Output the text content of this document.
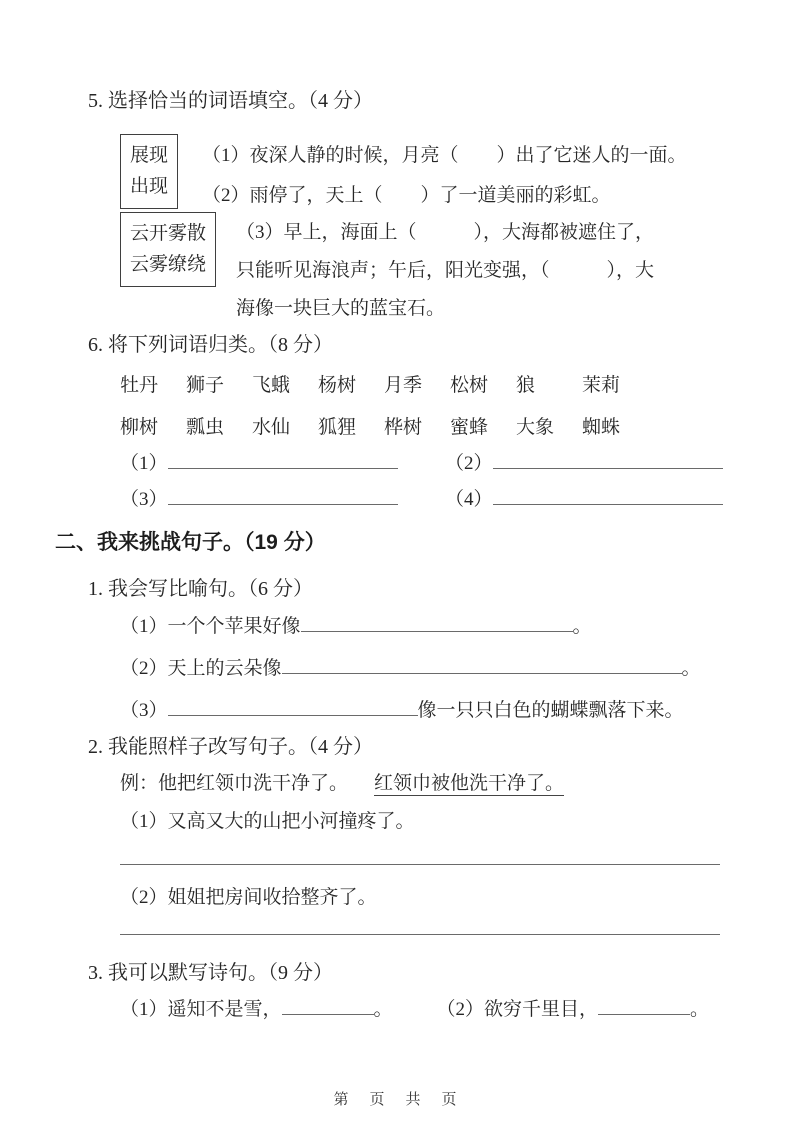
5. 选择恰当的词语填空。（4 分）
展现
出现
（1）夜深人静的时候，月亮（　　）出了它迷人的一面。
（2）雨停了，天上（　　）了一道美丽的彩虹。
云开雾散
云雾缭绕
（3）早上，海面上（　　　），大海都被遮住了，
只能听见海浪声；午后，阳光变强，（　　　），大
海像一块巨大的蓝宝石。
6. 将下列词语归类。（8 分）
牡丹 狮子 飞蛾 杨树 月季 松树 狼 茉莉
柳树 瓢虫 水仙 狐狸 桦树 蜜蜂 大象 蜘蛛
（1）	（2）
（3）	（4）
二、我来挑战句子。（19 分）
1. 我会写比喻句。（6 分）
（1）一个个苹果好像	。
（2）天上的云朵像	。
（3）	像一只只白色的蝴蝶飘落下来。
2. 我能照样子改写句子。（4 分）
例：他把红领巾洗干净了。 红领巾被他洗干净了。
（1）又高又大的山把小河撞疼了。
（2）姐姐把房间收拾整齐了。
3. 我可以默写诗句。（9 分）
（1）遥知不是雪，	。 （2）欲穷千里目，	。
第　页　共　页
